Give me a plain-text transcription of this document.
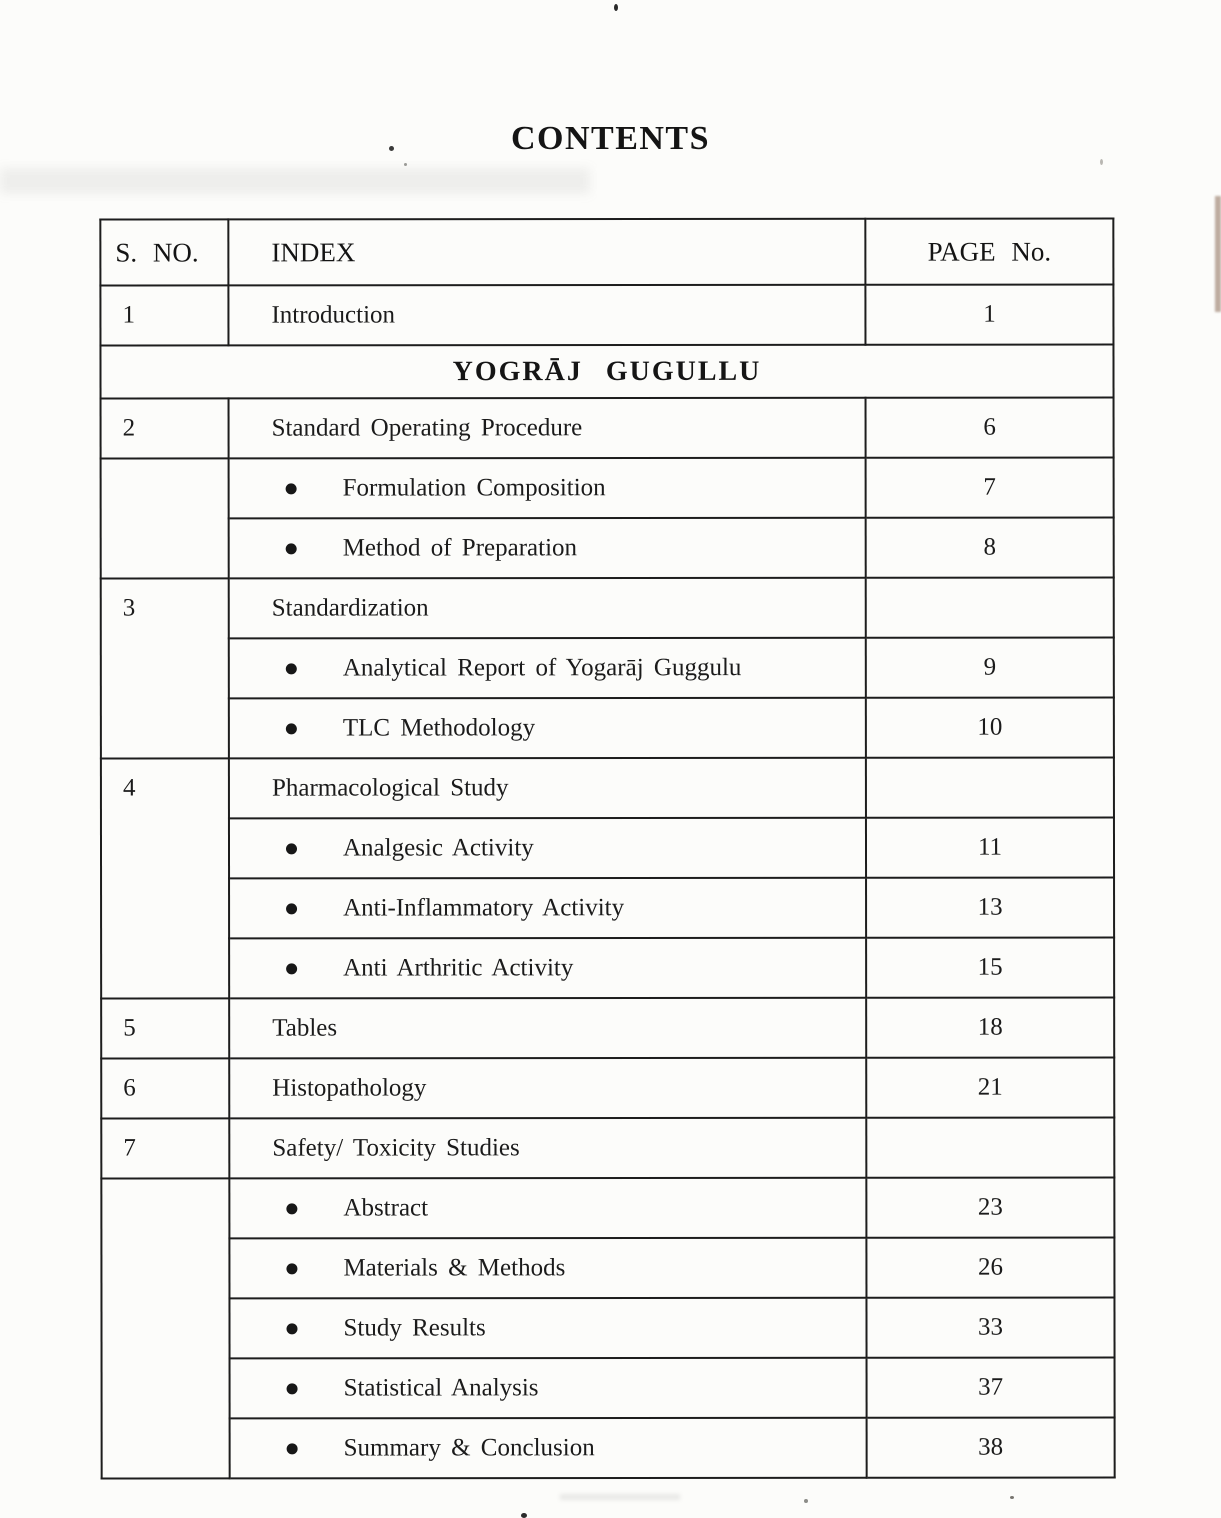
CONTENTS
S. NO.	INDEX	PAGE No.
1	Introduction	1
YOGRĀJ GUGULLU		
2	Standard Operating Procedure	6
	Formulation Composition	7
	Method of Preparation	8
3	Standardization	
	Analytical Report of Yogarāj Guggulu	9
	TLC Methodology	10
4	Pharmacological Study	
	Analgesic Activity	11
	Anti-Inflammatory Activity	13
	Anti Arthritic Activity	15
5	Tables	18
6	Histopathology	21
7	Safety/ Toxicity Studies	
	Abstract	23
	Materials & Methods	26
	Study Results	33
	Statistical Analysis	37
	Summary & Conclusion	38
